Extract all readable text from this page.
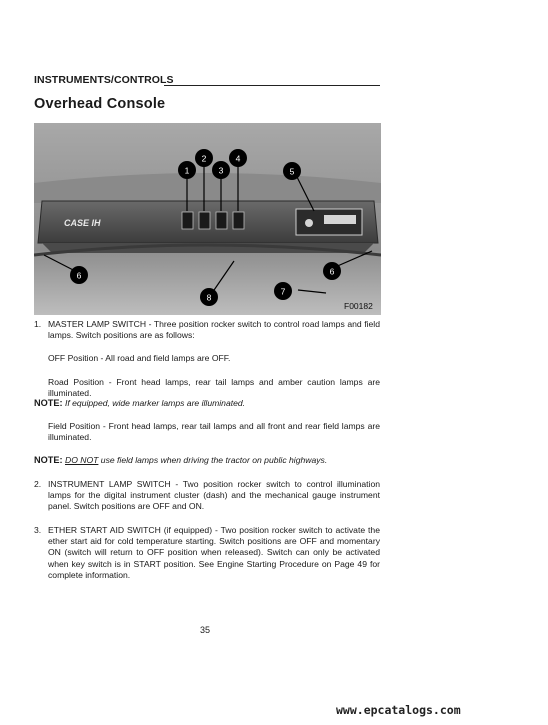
INSTRUMENTS/CONTROLS
Overhead Console
CASE IH
1
2
3
4
5
6	6
7
8
F00182

1. MASTER LAMP SWITCH - Three position rocker switch to control road lamps and field lamps. Switch positions are as follows:

OFF Position - All road and field lamps are OFF.

Road Position - Front head lamps, rear tail lamps and amber caution lamps are illuminated.

NOTE: If equipped, wide marker lamps are illuminated.

Field Position - Front head lamps, rear tail lamps and all front and rear field lamps are illuminated.

NOTE: DO NOT use field lamps when driving the tractor on public highways.

2. INSTRUMENT LAMP SWITCH - Two position rocker switch to control illumination lamps for the digital instrument cluster (dash) and the mechanical gauge instrument panel. Switch positions are OFF and ON.

3. ETHER START AID SWITCH (if equipped) - Two position rocker switch to activate the ether start aid for cold temperature starting. Switch positions are OFF and momentary ON (switch will return to OFF position when released). Switch can only be activated when key switch is in START position. See Engine Starting Procedure on Page 49 for complete information.

35
www.epcatalogs.com
